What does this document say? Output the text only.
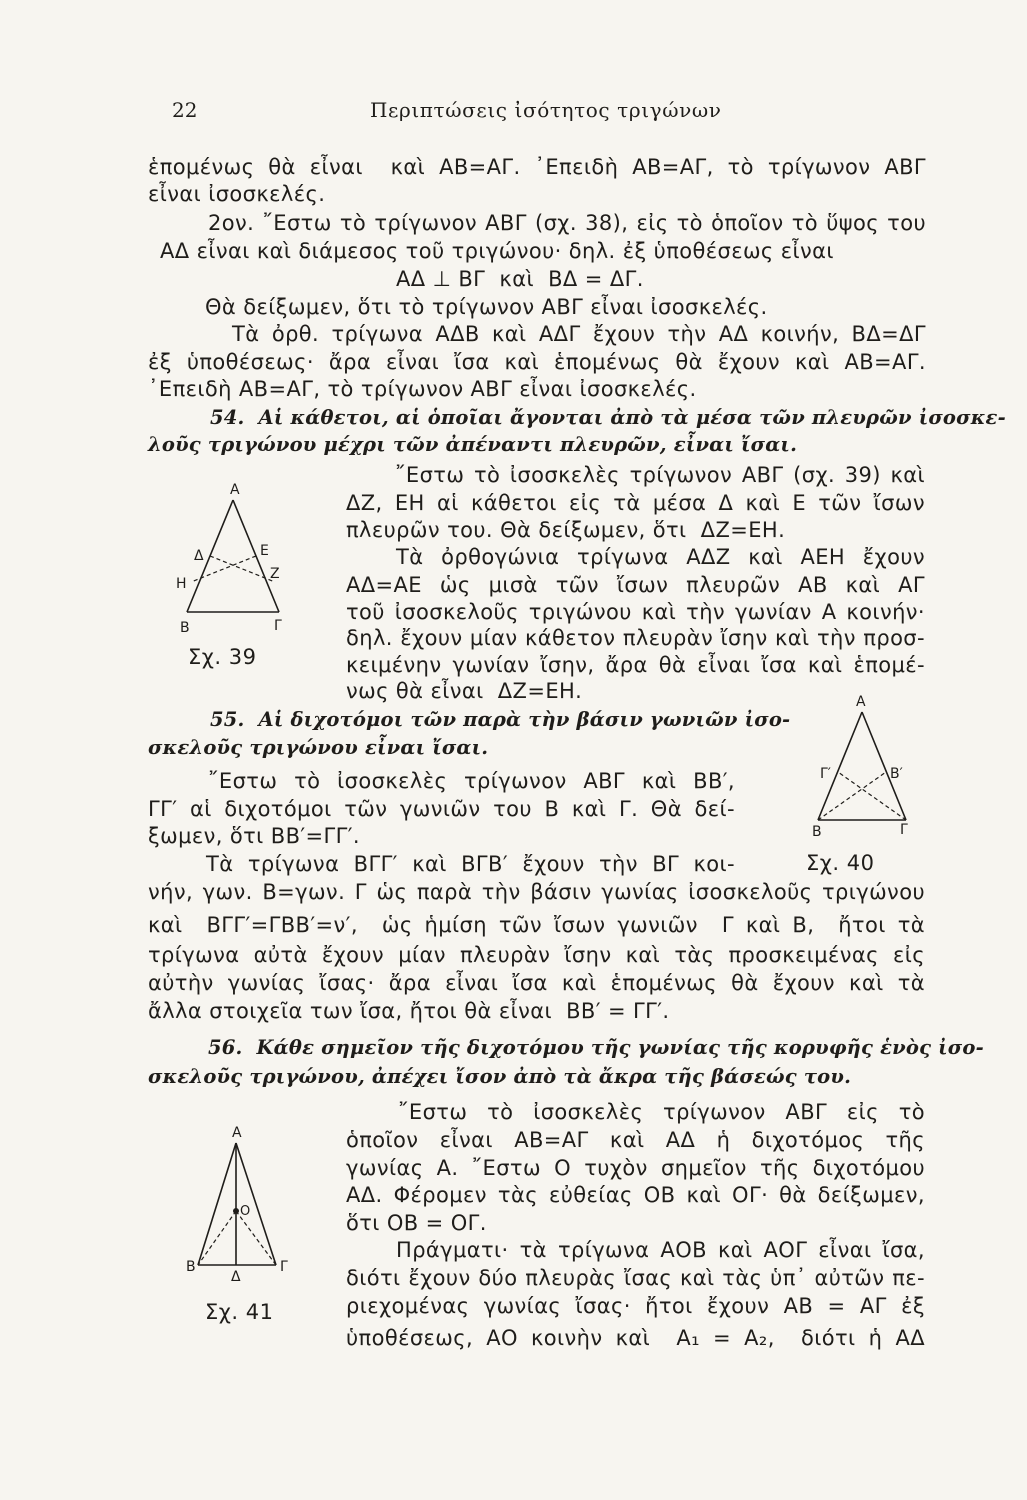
22	Περιπτώσεις ἰσότητος τριγώνων
ἑπομένως θὰ εἶναι  καὶ ΑΒ=ΑΓ. ᾿Επειδὴ ΑΒ=ΑΓ, τὸ τρίγωνον ΑΒΓ
εἶναι ἰσοσκελές.
2ον. ῎Εστω τὸ τρίγωνον ΑΒΓ (σχ. 38), εἰς τὸ ὁποῖον τὸ ὕψος του
ΑΔ εἶναι καὶ διάμεσος τοῦ τριγώνου· δηλ. ἐξ ὑποθέσεως εἶναι
ΑΔ ⊥ ΒΓ  καὶ  ΒΔ = ΔΓ.
Θὰ δείξωμεν, ὅτι τὸ τρίγωνον ΑΒΓ εἶναι ἰσοσκελές.
Τὰ ὀρθ. τρίγωνα ΑΔΒ καὶ ΑΔΓ ἔχουν τὴν ΑΔ κοινήν, ΒΔ=ΔΓ
ἐξ ὑποθέσεως· ἄρα εἶναι ἴσα καὶ ἑπομένως θὰ ἔχουν καὶ ΑΒ=ΑΓ.
᾿Επειδὴ ΑΒ=ΑΓ, τὸ τρίγωνον ΑΒΓ εἶναι ἰσοσκελές.
54.  Αἱ κάθετοι, αἱ ὁποῖαι ἄγονται ἀπὸ τὰ μέσα τῶν πλευρῶν ἰσοσκε-
λοῦς τριγώνου μέχρι τῶν ἀπέναντι πλευρῶν, εἶναι ἴσαι.
῎Εστω τὸ ἰσοσκελὲς τρίγωνον ΑΒΓ (σχ. 39) καὶ
ΔΖ, ΕΗ αἱ κάθετοι εἰς τὰ μέσα Δ καὶ Ε τῶν ἴσων
πλευρῶν του. Θὰ δείξωμεν, ὅτι  ΔΖ=ΕΗ.
Τὰ ὀρθογώνια τρίγωνα ΑΔΖ καὶ ΑΕΗ ἔχουν
ΑΔ=ΑΕ ὡς μισὰ τῶν ἴσων πλευρῶν ΑΒ καὶ ΑΓ
τοῦ ἰσοσκελοῦς τριγώνου καὶ τὴν γωνίαν Α κοινήν·
δηλ. ἔχουν μίαν κάθετον πλευρὰν ἴσην καὶ τὴν προσ-
κειμένην γωνίαν ἴσην, ἄρα θὰ εἶναι ἴσα καὶ ἑπομέ-
νως θὰ εἶναι  ΔΖ=ΕΗ.
55.  Αἱ διχοτόμοι τῶν παρὰ τὴν βάσιν γωνιῶν ἰσο-
σκελοῦς τριγώνου εἶναι ἴσαι.
῎Εστω τὸ ἰσοσκελὲς τρίγωνον ΑΒΓ καὶ ΒΒ′,
ΓΓ′ αἱ διχοτόμοι τῶν γωνιῶν του Β καὶ Γ. Θὰ δεί-
ξωμεν, ὅτι ΒΒ′=ΓΓ′.
Τὰ τρίγωνα ΒΓΓ′ καὶ ΒΓΒ′ ἔχουν τὴν ΒΓ κοι-
νήν, γων. Β=γων. Γ ὡς παρὰ τὴν βάσιν γωνίας ἰσοσκελοῦς τριγώνου
καὶ  ΒΓΓ′=ΓΒΒ′=ν′,  ὡς ἡμίση τῶν ἴσων γωνιῶν  Γ καὶ Β,  ἤτοι τὰ
τρίγωνα αὐτὰ ἔχουν μίαν πλευρὰν ἴσην καὶ τὰς προσκειμένας εἰς
αὐτὴν γωνίας ἴσας· ἄρα εἶναι ἴσα καὶ ἑπομένως θὰ ἔχουν καὶ τὰ
ἄλλα στοιχεῖα των ἴσα, ἤτοι θὰ εἶναι  ΒΒ′ = ΓΓ′.
56.  Κάθε σημεῖον τῆς διχοτόμου τῆς γωνίας τῆς κορυφῆς ἑνὸς ἰσο-
σκελοῦς τριγώνου, ἀπέχει ἴσον ἀπὸ τὰ ἄκρα τῆς βάσεώς του.
῎Εστω τὸ ἰσοσκελὲς τρίγωνον ΑΒΓ εἰς τὸ
ὁποῖον εἶναι ΑΒ=ΑΓ καὶ ΑΔ ἡ διχοτόμος τῆς
γωνίας Α. ῎Εστω Ο τυχὸν σημεῖον τῆς διχοτόμου
ΑΔ. Φέρομεν τὰς εὐθείας ΟΒ καὶ ΟΓ· θὰ δείξωμεν,
ὅτι ΟΒ = ΟΓ.
Πράγματι· τὰ τρίγωνα ΑΟΒ καὶ ΑΟΓ εἶναι ἴσα,
διότι ἔχουν δύο πλευρὰς ἴσας καὶ τὰς ὑπ᾿ αὐτῶν πε-
ριεχομένας γωνίας ἴσας· ἤτοι ἔχουν ΑΒ = ΑΓ ἐξ
ὑποθέσεως, ΑΟ κοινὴν καὶ  Α₁ = Α₂,  διότι ἡ ΑΔ
Α
Δ	Ε
Η
Ζ
Β	Γ
Σχ. 39
Α
Γ′	Β′
Β	Γ
Σχ. 40
Α
Ο
Δ
Β	Γ
Σχ. 41
